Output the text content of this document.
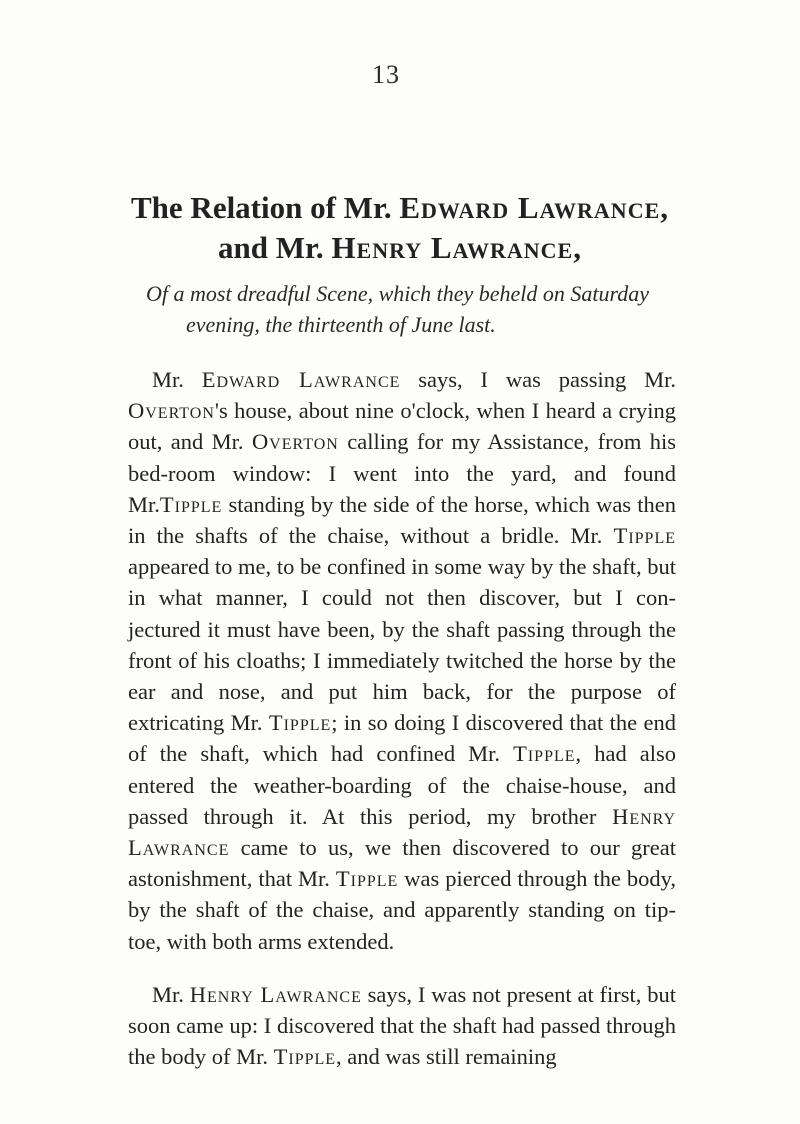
13
The Relation of Mr. Edward Lawrance,
and Mr. Henry Lawrance,
Of a most dreadful Scene, which they beheld on Saturday
evening, the thirteenth of June last.

Mr. Edward Lawrance says, I was passing Mr. Overton's house, about nine o'clock, when I heard a crying out, and Mr. Overton calling for my Assistance, from his bed-room window: I went into the yard, and found Mr.Tipple standing by the side of the horse, which was then in the shafts of the chaise, without a bridle. Mr. Tipple appeared to me, to be confined in some way by the shaft, but in what manner, I could not then discover, but I con- jectured it must have been, by the shaft passing through the front of his cloaths; I immediately twitched the horse by the ear and nose, and put him back, for the purpose of extricating Mr. Tipple; in so doing I discovered that the end of the shaft, which had confined Mr. Tipple, had also entered the weather-boarding of the chaise-house, and passed through it. At this period, my brother Henry Lawrance came to us, we then discovered to our great astonishment, that Mr. Tipple was pierced through the body, by the shaft of the chaise, and apparently standing on tip-toe, with both arms extended.

Mr. Henry Lawrance says, I was not present at first, but soon came up: I discovered that the shaft had passed through the body of Mr. Tipple, and was still remaining
